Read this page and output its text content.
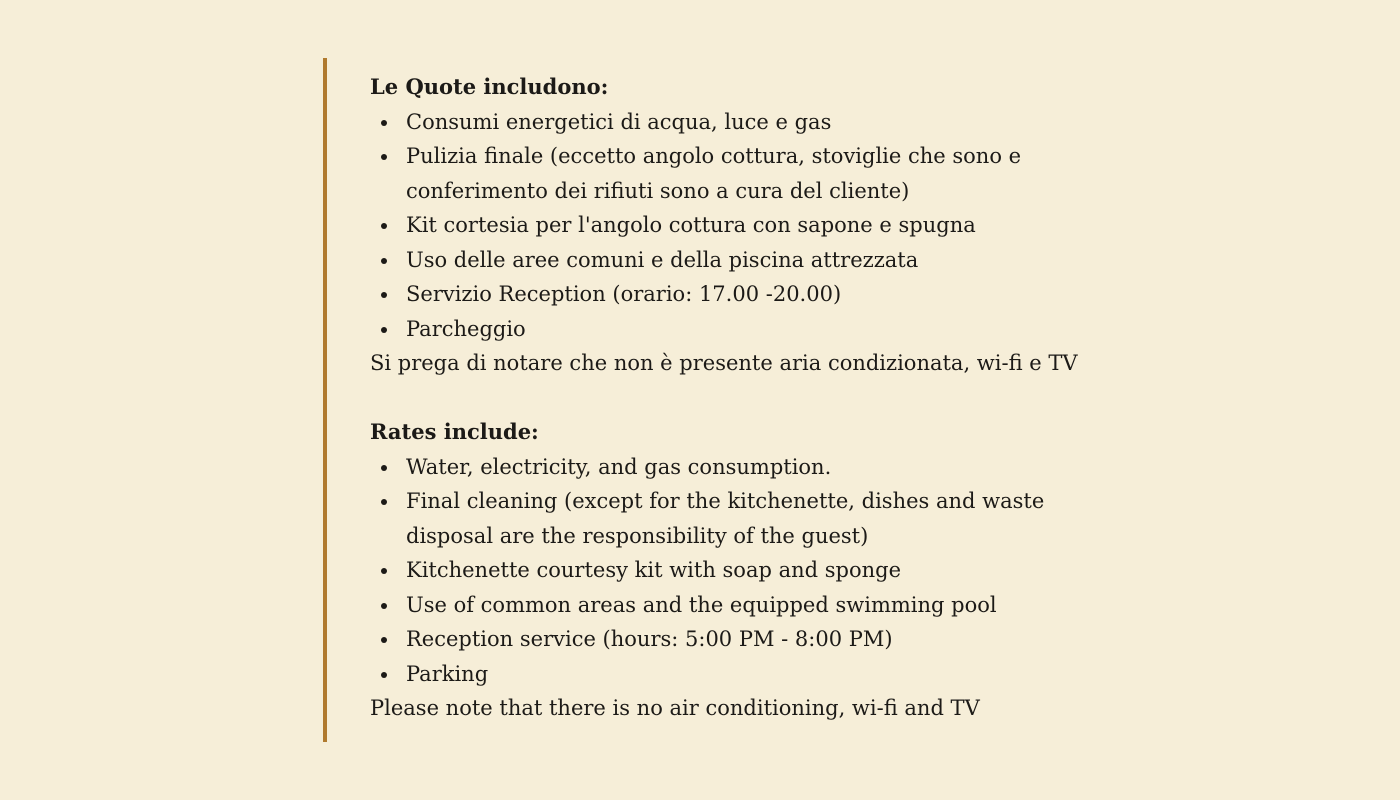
Le Quote includono:

Consumi energetici di acqua, luce e gas
Pulizia finale (eccetto angolo cottura, stoviglie che sono e conferimento dei rifiuti sono a cura del cliente)
Kit cortesia per l'angolo cottura con sapone e spugna
Uso delle aree comuni e della piscina attrezzata
Servizio Reception (orario: 17.00 -20.00)
Parcheggio

Si prega di notare che non è presente aria condizionata, wi-fi e TV

Rates include:

Water, electricity, and gas consumption.
Final cleaning (except for the kitchenette, dishes and waste disposal are the responsibility of the guest)
Kitchenette courtesy kit with soap and sponge
Use of common areas and the equipped swimming pool
Reception service (hours: 5:00 PM - 8:00 PM)
Parking

Please note that there is no air conditioning, wi-fi and TV
